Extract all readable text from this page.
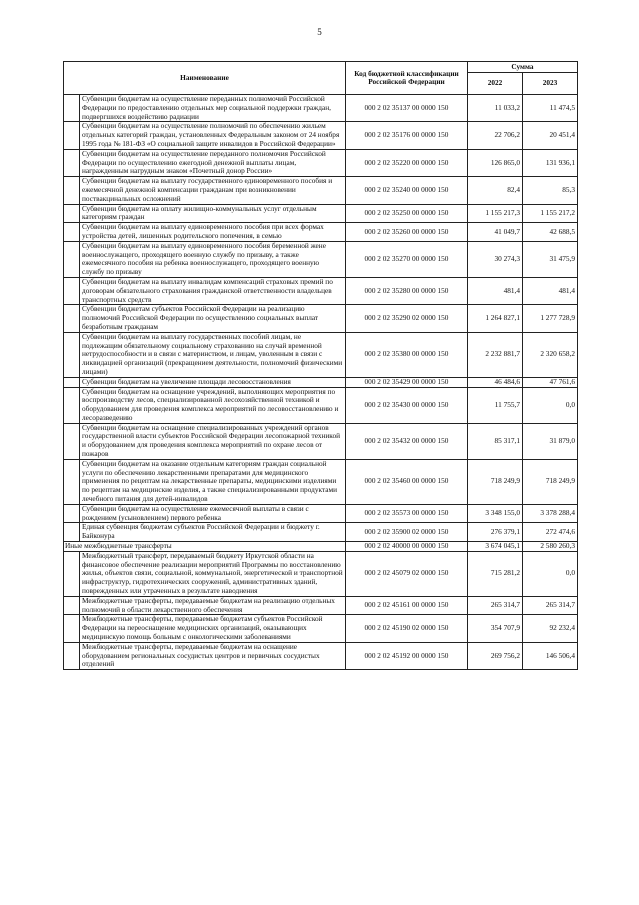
5
Наименование		Код бюджетной классификации Российской Федерации	Сумма	
			2022	2023
	Субвенции бюджетам на осуществление переданных полномочий Российской Федерации по предоставлению отдельных мер социальной поддержки граждан, подвергшихся воздействию радиации	000 2 02 35137 00 0000 150	11 033,2	11 474,5
	Субвенции бюджетам на осуществление полномочий по обеспечению жильем отдельных категорий граждан, установленных Федеральным законом от 24 ноября 1995 года № 181-ФЗ «О социальной защите инвалидов в Российской Федерации»	000 2 02 35176 00 0000 150	22 706,2	20 451,4
	Субвенции бюджетам на осуществление переданного полномочия Российской Федерации по осуществлению ежегодной денежной выплаты лицам, награжденным нагрудным знаком «Почетный донор России»	000 2 02 35220 00 0000 150	126 865,0	131 936,1
	Субвенции бюджетам на выплату государственного единовременного пособия и ежемесячной денежной компенсации гражданам при возникновении поствакцинальных осложнений	000 2 02 35240 00 0000 150	82,4	85,3
	Субвенции бюджетам на оплату жилищно-коммунальных услуг отдельным категориям граждан	000 2 02 35250 00 0000 150	1 155 217,3	1 155 217,2
	Субвенции бюджетам на выплату единовременного пособия при всех формах устройства детей, лишенных родительского попечения, в семью	000 2 02 35260 00 0000 150	41 049,7	42 688,5
	Субвенции бюджетам на выплату единовременного пособия беременной жене военнослужащего, проходящего военную службу по призыву, а также ежемесячного пособия на ребенка военнослужащего, проходящего военную службу по призыву	000 2 02 35270 00 0000 150	30 274,3	31 475,9
	Субвенции бюджетам на выплату инвалидам компенсаций страховых премий по договорам обязательного страхования гражданской ответственности владельцев транспортных средств	000 2 02 35280 00 0000 150	481,4	481,4
	Субвенции бюджетам субъектов Российской Федерации на реализацию полномочий Российской Федерации по осуществлению социальных выплат безработным гражданам	000 2 02 35290 02 0000 150	1 264 827,1	1 277 728,9
	Субвенции бюджетам на выплату государственных пособий лицам, не подлежащим обязательному социальному страхованию на случай временной нетрудоспособности и в связи с материнством, и лицам, уволенным в связи с ликвидацией организаций (прекращением деятельности, полномочий физическими лицами)	000 2 02 35380 00 0000 150	2 232 881,7	2 320 658,2
	Субвенции бюджетам на увеличение площади лесовосстановления	000 2 02 35429 00 0000 150	46 484,6	47 761,6
	Субвенции бюджетам на оснащение учреждений, выполняющих мероприятия по воспроизводству лесов, специализированной лесохозяйственной техникой и оборудованием для проведения комплекса мероприятий по лесовосстановлению и лесоразведению	000 2 02 35430 00 0000 150	11 755,7	0,0
	Субвенции бюджетам на оснащение специализированных учреждений органов государственной власти субъектов Российской Федерации лесопожарной техникой и оборудованием для проведения комплекса мероприятий по охране лесов от пожаров	000 2 02 35432 00 0000 150	85 317,1	31 879,0
	Субвенции бюджетам на оказание отдельным категориям граждан социальной услуги по обеспечению лекарственными препаратами для медицинского применения по рецептам на лекарственные препараты, медицинскими изделиями по рецептам на медицинские изделия, а также специализированными продуктами лечебного питания для детей-инвалидов	000 2 02 35460 00 0000 150	718 249,9	718 249,9
	Субвенции бюджетам на осуществление ежемесячной выплаты в связи с рождением (усыновлением) первого ребенка	000 2 02 35573 00 0000 150	3 348 155,0	3 378 288,4
	Единая субвенция бюджетам субъектов Российской Федерации и бюджету г. Байконура	000 2 02 35900 02 0000 150	276 379,1	272 474,6
Иные межбюджетные трансферты		000 2 02 40000 00 0000 150	3 674 045,1	2 580 260,3
	Межбюджетный трансферт, передаваемый бюджету Иркутской области на финансовое обеспечение реализации мероприятий Программы по восстановлению жилья, объектов связи, социальной, коммунальной, энергетической и транспортной инфраструктур, гидротехнических сооружений, административных зданий, поврежденных или утраченных в результате наводнения	000 2 02 45079 02 0000 150	715 281,2	0,0
	Межбюджетные трансферты, передаваемые бюджетам на реализацию отдельных полномочий в области лекарственного обеспечения	000 2 02 45161 00 0000 150	265 314,7	265 314,7
	Межбюджетные трансферты, передаваемые бюджетам субъектов Российской Федерации на переоснащение медицинских организаций, оказывающих медицинскую помощь больным с онкологическими заболеваниями	000 2 02 45190 02 0000 150	354 707,9	92 232,4
	Межбюджетные трансферты, передаваемые бюджетам на оснащение оборудованием региональных сосудистых центров и первичных сосудистых отделений	000 2 02 45192 00 0000 150	269 756,2	146 506,4
